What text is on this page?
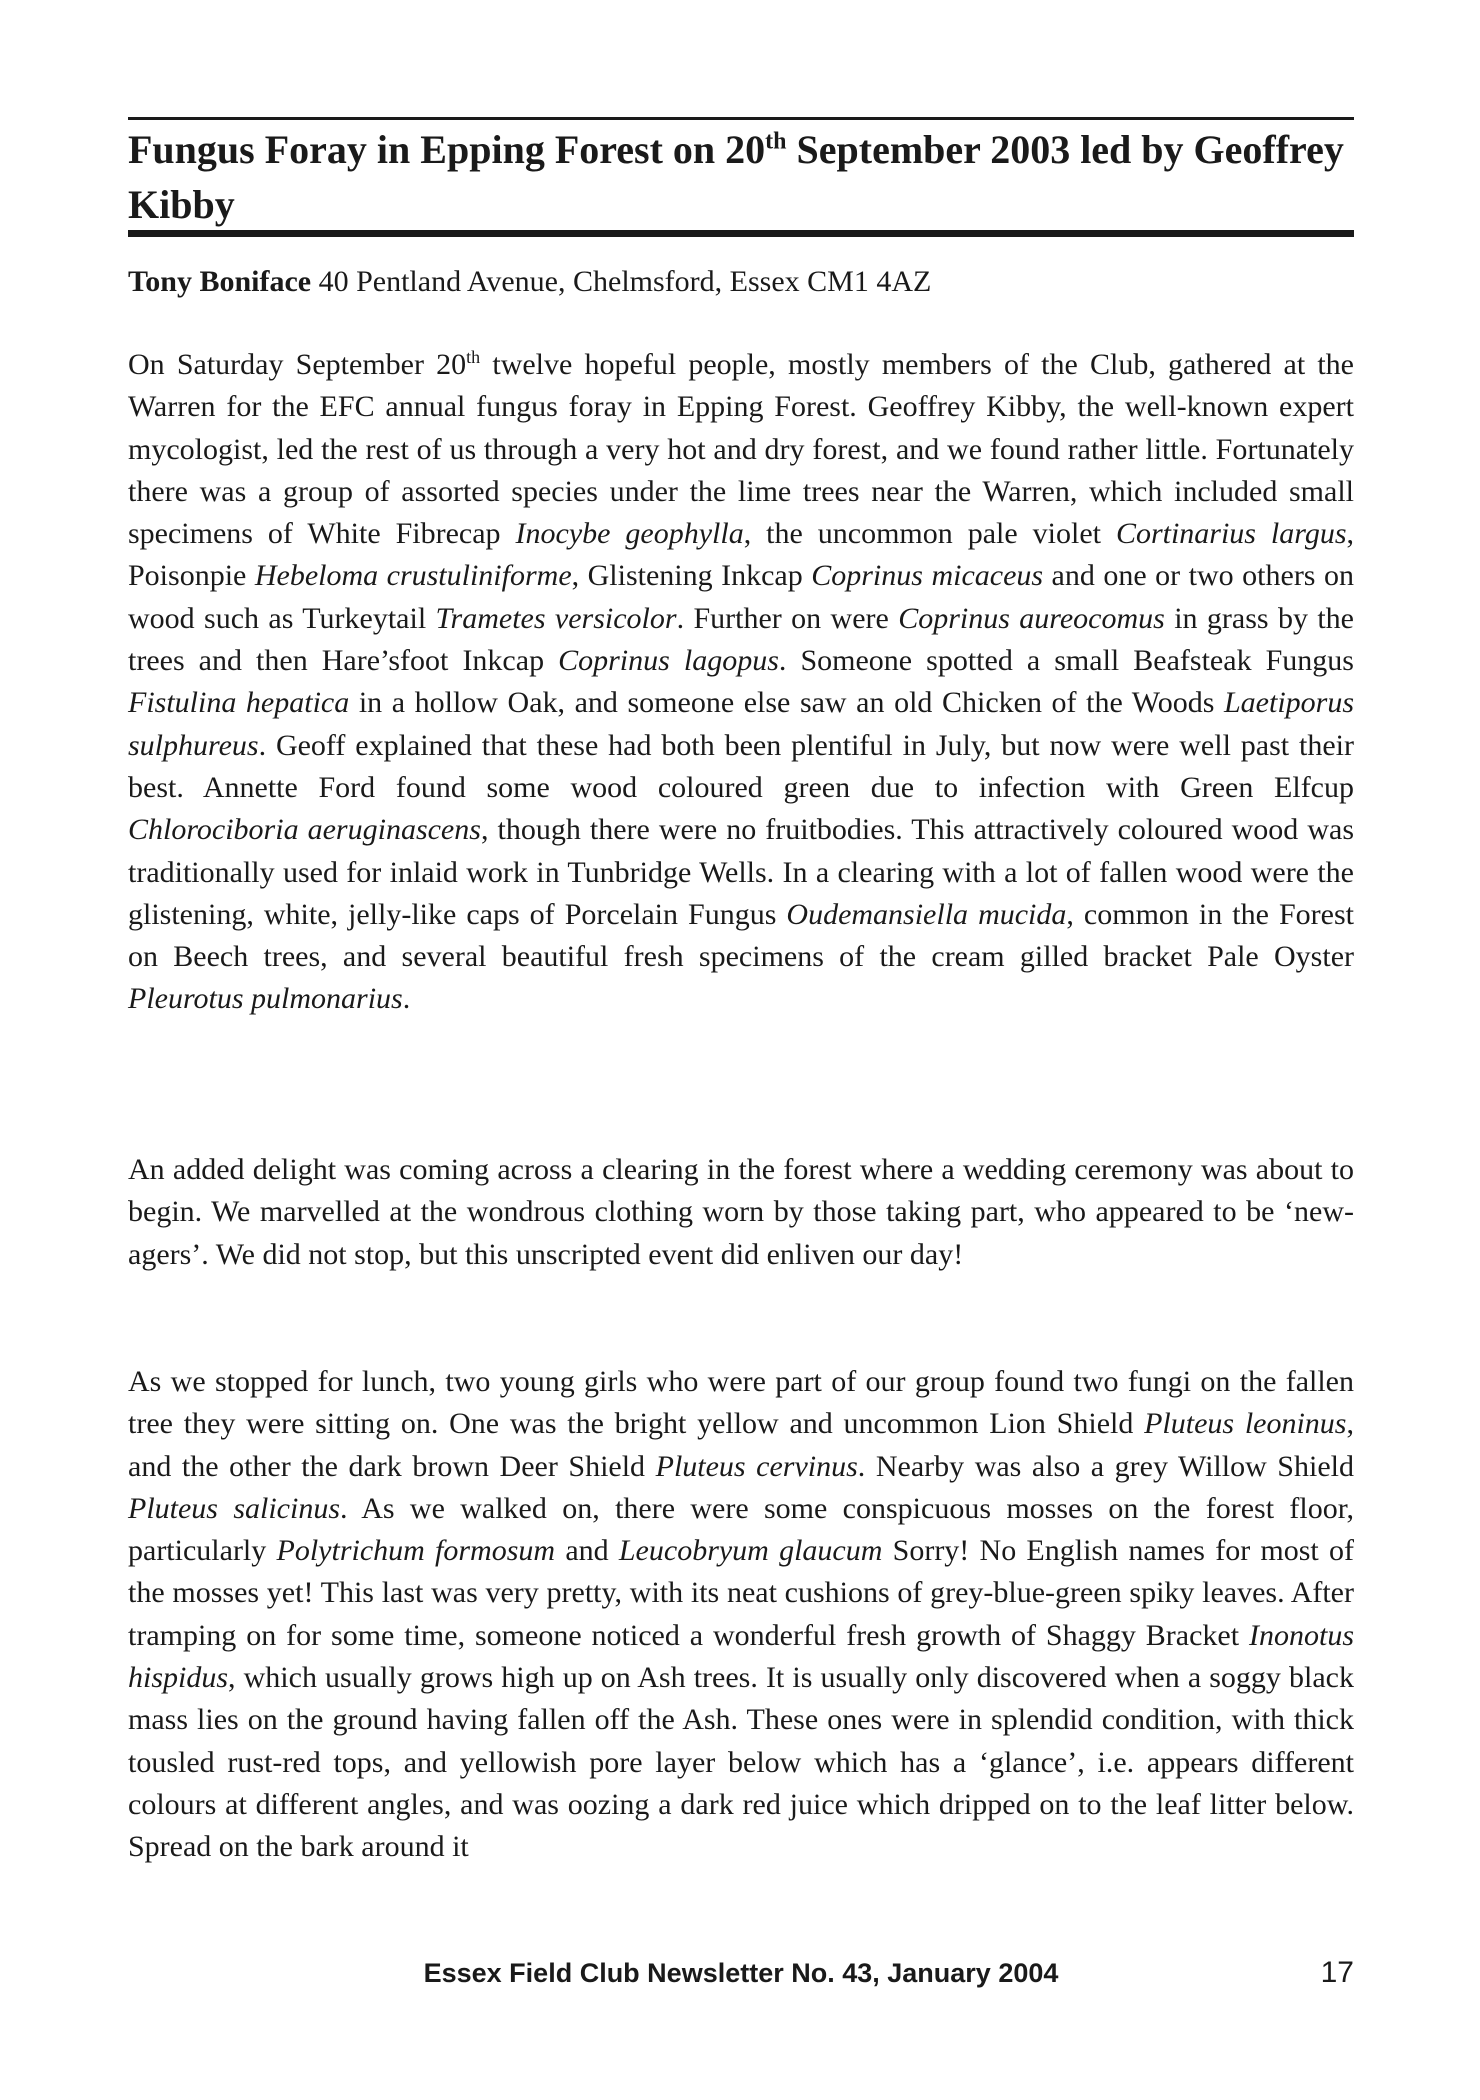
Fungus Foray in Epping Forest on 20th September 2003 led by Geoffrey Kibby
Tony Boniface 40 Pentland Avenue, Chelmsford, Essex CM1 4AZ

On Saturday September 20th twelve hopeful people, mostly members of the Club, gathered at the Warren for the EFC annual fungus foray in Epping Forest. Geoffrey Kibby, the well-known expert mycologist, led the rest of us through a very hot and dry forest, and we found rather little. Fortunately there was a group of assorted species under the lime trees near the Warren, which included small specimens of White Fibrecap Inocybe geophylla, the uncommon pale violet Cortinarius largus, Poisonpie Hebeloma crustuliniforme, Glistening Inkcap Coprinus micaceus and one or two others on wood such as Turkeytail Trametes versicolor. Further on were Coprinus aureocomus in grass by the trees and then Hare’sfoot Inkcap Coprinus lagopus. Someone spotted a small Beafsteak Fungus Fistulina hepatica in a hollow Oak, and someone else saw an old Chicken of the Woods Laetiporus sulphureus. Geoff explained that these had both been plentiful in July, but now were well past their best. Annette Ford found some wood coloured green due to infection with Green Elfcup Chlorociboria aeruginascens, though there were no fruitbodies. This attractively coloured wood was traditionally used for inlaid work in Tunbridge Wells. In a clearing with a lot of fallen wood were the glistening, white, jelly-like caps of Porcelain Fungus Oudemansiella mucida, common in the Forest on Beech trees, and several beautiful fresh specimens of the cream gilled bracket Pale Oyster Pleurotus pulmonarius.

An added delight was coming across a clearing in the forest where a wedding ceremony was about to begin. We marvelled at the wondrous clothing worn by those taking part, who appeared to be ‘new-agers’. We did not stop, but this unscripted event did enliven our day!

As we stopped for lunch, two young girls who were part of our group found two fungi on the fallen tree they were sitting on. One was the bright yellow and uncommon Lion Shield Pluteus leoninus, and the other the dark brown Deer Shield Pluteus cervinus. Nearby was also a grey Willow Shield Pluteus salicinus. As we walked on, there were some conspicuous mosses on the forest floor, particularly Polytrichum formosum and Leucobryum glaucum Sorry! No English names for most of the mosses yet! This last was very pretty, with its neat cushions of grey-blue-green spiky leaves. After tramping on for some time, someone noticed a wonderful fresh growth of Shaggy Bracket Inonotus hispidus, which usually grows high up on Ash trees. It is usually only discovered when a soggy black mass lies on the ground having fallen off the Ash. These ones were in splendid condition, with thick tousled rust-red tops, and yellowish pore layer below which has a ‘glance’, i.e. appears different colours at different angles, and was oozing a dark red juice which dripped on to the leaf litter below. Spread on the bark around it

Essex Field Club Newsletter No. 43, January 2004	17
